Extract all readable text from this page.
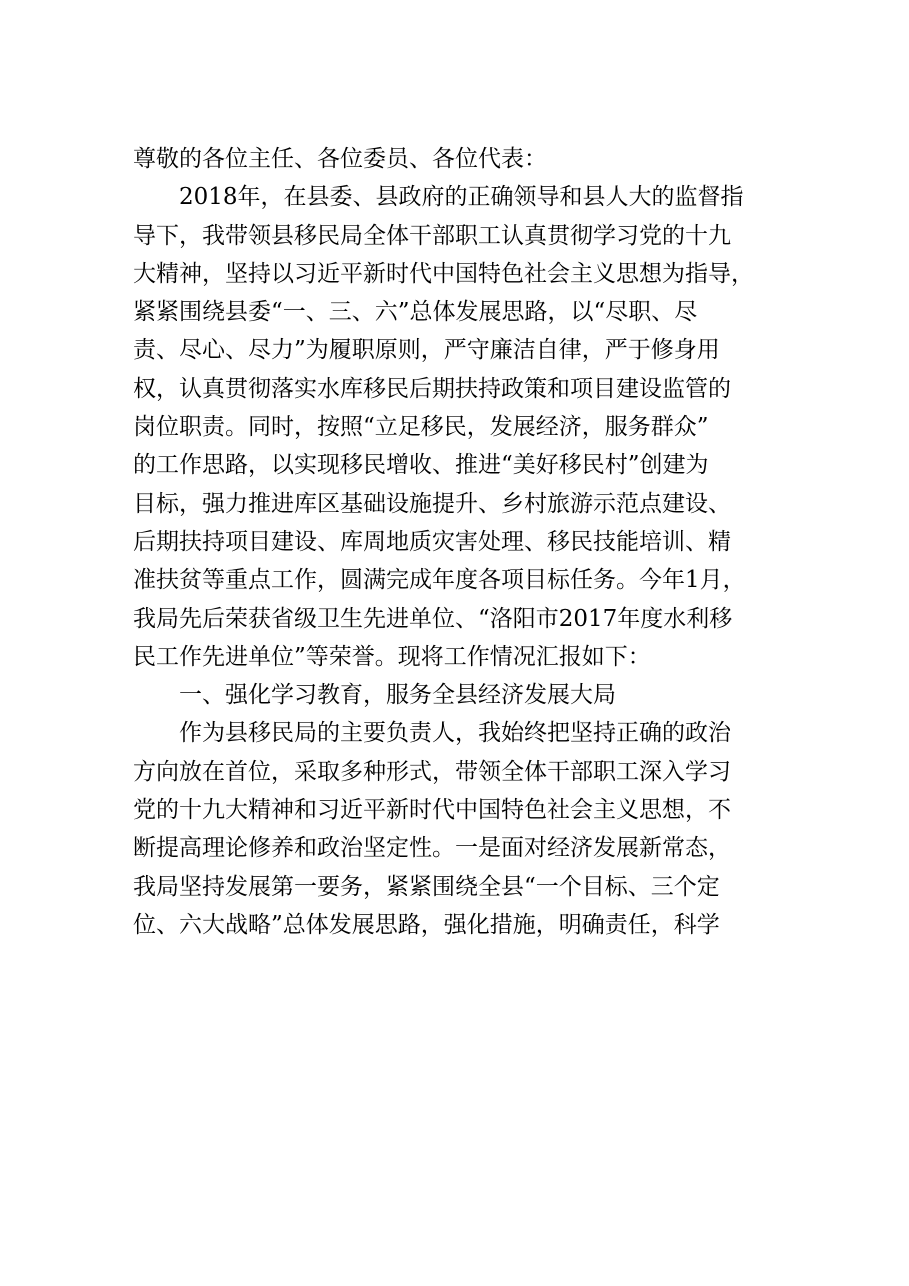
尊敬的各位主任、各位委员、各位代表：
2018年，在县委、县政府的正确领导和县人大的监督指
导下，我带领县移民局全体干部职工认真贯彻学习党的十九
大精神，坚持以习近平新时代中国特色社会主义思想为指导，
紧紧围绕县委“一、三、六”总体发展思路，以“尽职、尽
责、尽心、尽力”为履职原则，严守廉洁自律，严于修身用
权，认真贯彻落实水库移民后期扶持政策和项目建设监管的
岗位职责。同时，按照“立足移民，发展经济，服务群众”
的工作思路，以实现移民增收、推进“美好移民村”创建为
目标，强力推进库区基础设施提升、乡村旅游示范点建设、
后期扶持项目建设、库周地质灾害处理、移民技能培训、精
准扶贫等重点工作，圆满完成年度各项目标任务。今年1月，
我局先后荣获省级卫生先进单位、“洛阳市2017年度水利移
民工作先进单位”等荣誉。现将工作情况汇报如下：
一、强化学习教育，服务全县经济发展大局
作为县移民局的主要负责人，我始终把坚持正确的政治
方向放在首位，采取多种形式，带领全体干部职工深入学习
党的十九大精神和习近平新时代中国特色社会主义思想，不
断提高理论修养和政治坚定性。一是面对经济发展新常态，
我局坚持发展第一要务，紧紧围绕全县“一个目标、三个定
位、六大战略”总体发展思路，强化措施，明确责任，科学
